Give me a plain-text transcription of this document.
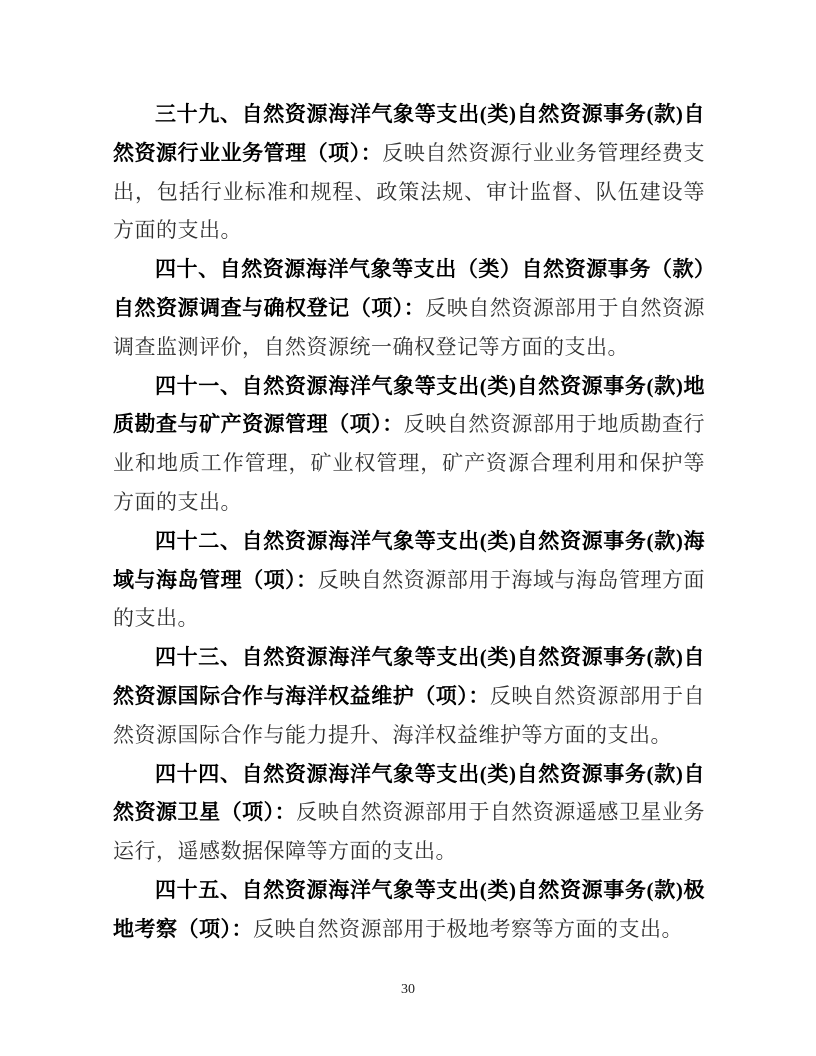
三十九、自然资源海洋气象等支出(类)自然资源事务(款)自然资源行业业务管理（项）：反映自然资源行业业务管理经费支出，包括行业标准和规程、政策法规、审计监督、队伍建设等方面的支出。

四十、自然资源海洋气象等支出（类）自然资源事务（款）自然资源调查与确权登记（项）：反映自然资源部用于自然资源调查监测评价，自然资源统一确权登记等方面的支出。

四十一、自然资源海洋气象等支出(类)自然资源事务(款)地质勘查与矿产资源管理（项）：反映自然资源部用于地质勘查行业和地质工作管理，矿业权管理，矿产资源合理利用和保护等方面的支出。

四十二、自然资源海洋气象等支出(类)自然资源事务(款)海域与海岛管理（项）：反映自然资源部用于海域与海岛管理方面的支出。

四十三、自然资源海洋气象等支出(类)自然资源事务(款)自然资源国际合作与海洋权益维护（项）：反映自然资源部用于自然资源国际合作与能力提升、海洋权益维护等方面的支出。

四十四、自然资源海洋气象等支出(类)自然资源事务(款)自然资源卫星（项）：反映自然资源部用于自然资源遥感卫星业务运行，遥感数据保障等方面的支出。

四十五、自然资源海洋气象等支出(类)自然资源事务(款)极地考察（项）：反映自然资源部用于极地考察等方面的支出。

30
